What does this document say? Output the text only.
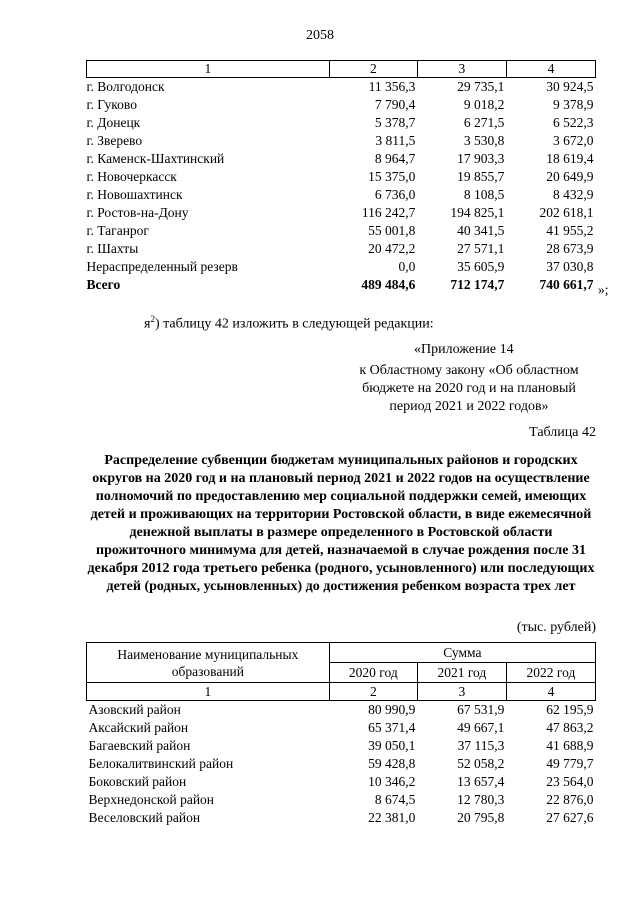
2058
1	2	3	4
г. Волгодонск	11 356,3	29 735,1	30 924,5
г. Гуково	7 790,4	9 018,2	9 378,9
г. Донецк	5 378,7	6 271,5	6 522,3
г. Зверево	3 811,5	3 530,8	3 672,0
г. Каменск-Шахтинский	8 964,7	17 903,3	18 619,4
г. Новочеркасск	15 375,0	19 855,7	20 649,9
г. Новошахтинск	6 736,0	8 108,5	8 432,9
г. Ростов-на-Дону	116 242,7	194 825,1	202 618,1
г. Таганрог	55 001,8	40 341,5	41 955,2
г. Шахты	20 472,2	27 571,1	28 673,9
Нераспределенный резерв	0,0	35 605,9	37 030,8
Всего	489 484,6	712 174,7	740 661,7 »;
$я^2$) таблицу 42 изложить в следующей редакции:
«Приложение 14
к Областному закону «Об областном бюджете на 2020 год и на плановый период 2021 и 2022 годов»
Таблица 42
Распределение субвенции бюджетам муниципальных районов и городских округов на 2020 год и на плановый период 2021 и 2022 годов на осуществление полномочий по предоставлению мер социальной поддержки семей, имеющих детей и проживающих на территории Ростовской области, в виде ежемесячной денежной выплаты в размере определенного в Ростовской области прожиточного минимума для детей, назначаемой в случае рождения после 31 декабря 2012 года третьего ребенка (родного, усыновленного) или последующих детей (родных, усыновленных) до достижения ребенком возраста трех лет
(тыс. рублей)
Наименование муниципальных образований	Сумма		
	2020 год	2021 год	2022 год
1	2	3	4
Азовский район	80 990,9	67 531,9	62 195,9
Аксайский район	65 371,4	49 667,1	47 863,2
Багаевский район	39 050,1	37 115,3	41 688,9
Белокалитвинский район	59 428,8	52 058,2	49 779,7
Боковский район	10 346,2	13 657,4	23 564,0
Верхнедонской район	8 674,5	12 780,3	22 876,0
Веселовский район	22 381,0	20 795,8	27 627,6
